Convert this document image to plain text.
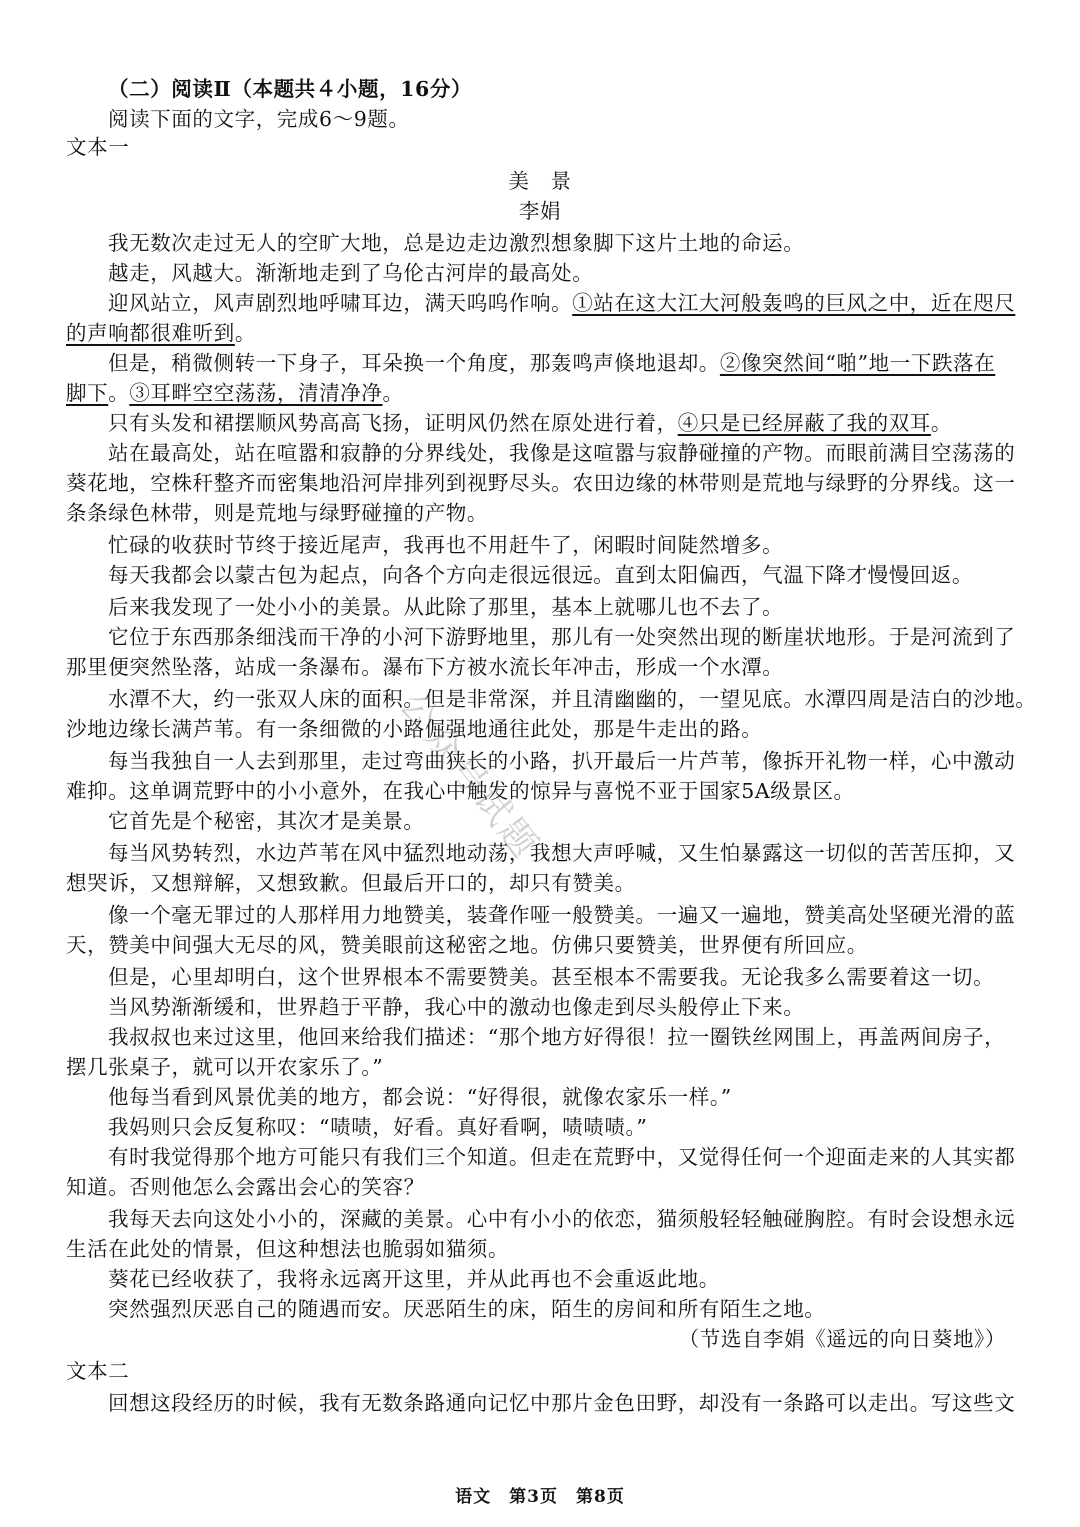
（二）阅读Ⅱ（本题共４小题，16分）
阅读下面的文字，完成6～9题。
文本一
美　景
李娟
我无数次走过无人的空旷大地，总是边走边激烈想象脚下这片土地的命运。
越走，风越大。渐渐地走到了乌伦古河岸的最高处。
迎风站立，风声剧烈地呼啸耳边，满天呜呜作响。①站在这大江大河般轰鸣的巨风之中，近在咫尺
的声响都很难听到。
但是，稍微侧转一下身子，耳朵换一个角度，那轰鸣声倏地退却。②像突然间“啪”地一下跌落在
脚下。③耳畔空空荡荡，清清净净。
只有头发和裙摆顺风势高高飞扬，证明风仍然在原处进行着，④只是已经屏蔽了我的双耳。
站在最高处，站在喧嚣和寂静的分界线处，我像是这喧嚣与寂静碰撞的产物。而眼前满目空荡荡的
葵花地，空株秆整齐而密集地沿河岸排列到视野尽头。农田边缘的林带则是荒地与绿野的分界线。这一
条条绿色林带，则是荒地与绿野碰撞的产物。
忙碌的收获时节终于接近尾声，我再也不用赶牛了，闲暇时间陡然增多。
每天我都会以蒙古包为起点，向各个方向走很远很远。直到太阳偏西，气温下降才慢慢回返。
后来我发现了一处小小的美景。从此除了那里，基本上就哪儿也不去了。
它位于东西那条细浅而干净的小河下游野地里，那儿有一处突然出现的断崖状地形。于是河流到了
那里便突然坠落，站成一条瀑布。瀑布下方被水流长年冲击，形成一个水潭。
水潭不大，约一张双人床的面积。但是非常深，并且清幽幽的，一望见底。水潭四周是洁白的沙地。
沙地边缘长满芦苇。有一条细微的小路倔强地通往此处，那是牛走出的路。
每当我独自一人去到那里，走过弯曲狭长的小路，扒开最后一片芦苇，像拆开礼物一样，心中激动
难抑。这单调荒野中的小小意外，在我心中触发的惊异与喜悦不亚于国家5A级景区。
它首先是个秘密，其次才是美景。
每当风势转烈，水边芦苇在风中猛烈地动荡，我想大声呼喊，又生怕暴露这一切似的苦苦压抑，又
想哭诉，又想辩解，又想致歉。但最后开口的，却只有赞美。
像一个毫无罪过的人那样用力地赞美，装聋作哑一般赞美。一遍又一遍地，赞美高处坚硬光滑的蓝
天，赞美中间强大无尽的风，赞美眼前这秘密之地。仿佛只要赞美，世界便有所回应。
但是，心里却明白，这个世界根本不需要赞美。甚至根本不需要我。无论我多么需要着这一切。
当风势渐渐缓和，世界趋于平静，我心中的激动也像走到尽头般停止下来。
我叔叔也来过这里，他回来给我们描述：“那个地方好得很！拉一圈铁丝网围上，再盖两间房子，
摆几张桌子，就可以开农家乐了。”
他每当看到风景优美的地方，都会说：“好得很，就像农家乐一样。”
我妈则只会反复称叹：“啧啧，好看。真好看啊，啧啧啧。”
有时我觉得那个地方可能只有我们三个知道。但走在荒野中，又觉得任何一个迎面走来的人其实都
知道。否则他怎么会露出会心的笑容？
我每天去向这处小小的，深藏的美景。心中有小小的依恋，猫须般轻轻触碰胸腔。有时会设想永远
生活在此处的情景，但这种想法也脆弱如猫须。
葵花已经收获了，我将永远离开这里，并从此再也不会重返此地。
突然强烈厌恶自己的随遇而安。厌恶陌生的床，陌生的房间和所有陌生之地。
（节选自李娟《遥远的向日葵地》）
文本二
回想这段经历的时候，我有无数条路通向记忆中那片金色田野，却没有一条路可以走出。写这些文
公众号试题
语文　第3页　第8页
